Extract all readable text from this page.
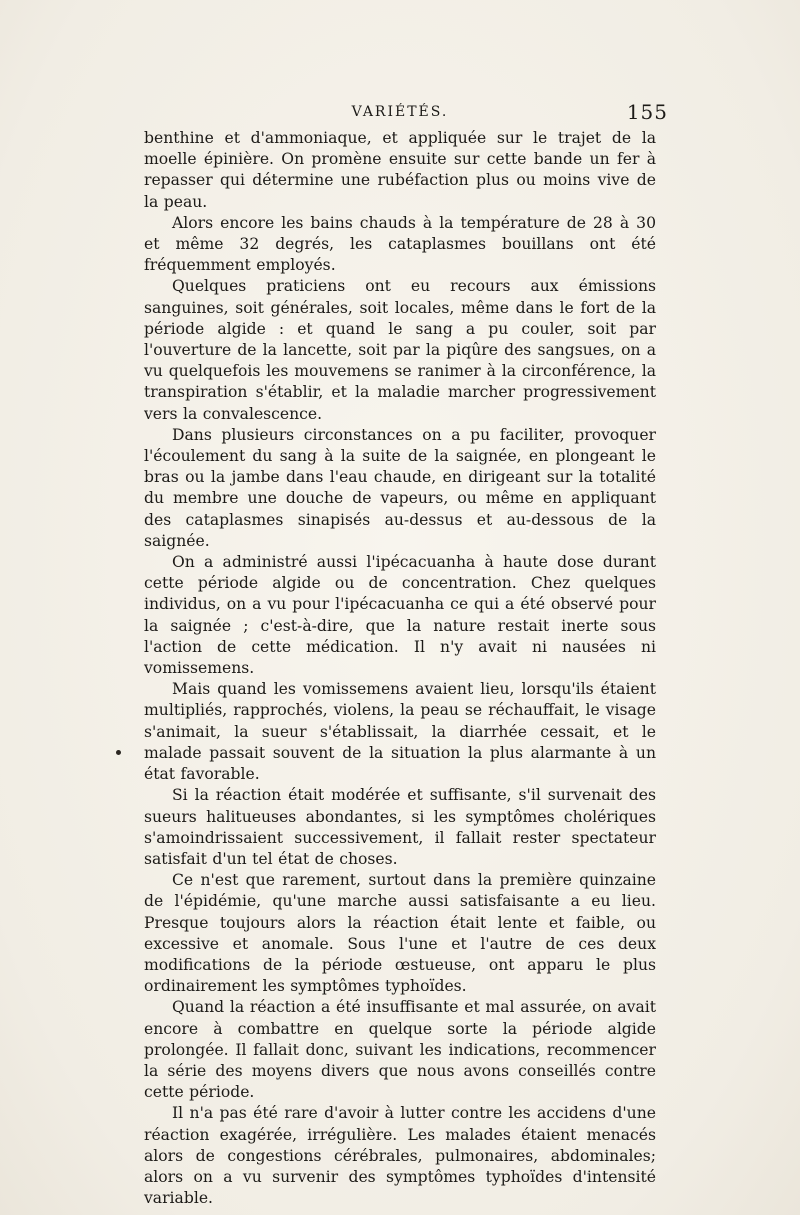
VARIÉTÉS.	155

benthine et d'ammoniaque, et appliquée sur le trajet de la moelle épinière. On promène ensuite sur cette bande un fer à repasser qui détermine une rubéfaction plus ou moins vive de la peau.

Alors encore les bains chauds à la température de 28 à 30 et même 32 degrés, les cataplasmes bouillans ont été fréquemment employés.

Quelques praticiens ont eu recours aux émissions sanguines, soit générales, soit locales, même dans le fort de la période algide : et quand le sang a pu couler, soit par l'ouverture de la lancette, soit par la piqûre des sangsues, on a vu quelquefois les mouvemens se ranimer à la circonférence, la transpiration s'établir, et la maladie marcher progressivement vers la convalescence.

Dans plusieurs circonstances on a pu faciliter, provoquer l'écoulement du sang à la suite de la saignée, en plongeant le bras ou la jambe dans l'eau chaude, en dirigeant sur la totalité du membre une douche de vapeurs, ou même en appliquant des cataplasmes sinapisés au-dessus et au-dessous de la saignée.

On a administré aussi l'ipécacuanha à haute dose durant cette période algide ou de concentration. Chez quelques individus, on a vu pour l'ipécacuanha ce qui a été observé pour la saignée ; c'est-à-dire, que la nature restait inerte sous l'action de cette médication. Il n'y avait ni nausées ni vomissemens.

Mais quand les vomissemens avaient lieu, lorsqu'ils étaient multipliés, rapprochés, violens, la peau se réchauffait, le visage s'animait, la sueur s'établissait, la diarrhée cessait, et le malade passait souvent de la situation la plus alarmante à un état favorable.

Si la réaction était modérée et suffisante, s'il survenait des sueurs halitueuses abondantes, si les symptômes cholériques s'amoindrissaient successivement, il fallait rester spectateur satisfait d'un tel état de choses.

Ce n'est que rarement, surtout dans la première quinzaine de l'épidémie, qu'une marche aussi satisfaisante a eu lieu. Presque toujours alors la réaction était lente et faible, ou excessive et anomale. Sous l'une et l'autre de ces deux modifications de la période œstueuse, ont apparu le plus ordinairement les symptômes typhoïdes.

Quand la réaction a été insuffisante et mal assurée, on avait encore à combattre en quelque sorte la période algide prolongée. Il fallait donc, suivant les indications, recommencer la série des moyens divers que nous avons conseillés contre cette période.

Il n'a pas été rare d'avoir à lutter contre les accidens d'une réaction exagérée, irrégulière. Les malades étaient menacés alors de congestions cérébrales, pulmonaires, abdominales; alors on a vu survenir des symptômes typhoïdes d'intensité variable.
